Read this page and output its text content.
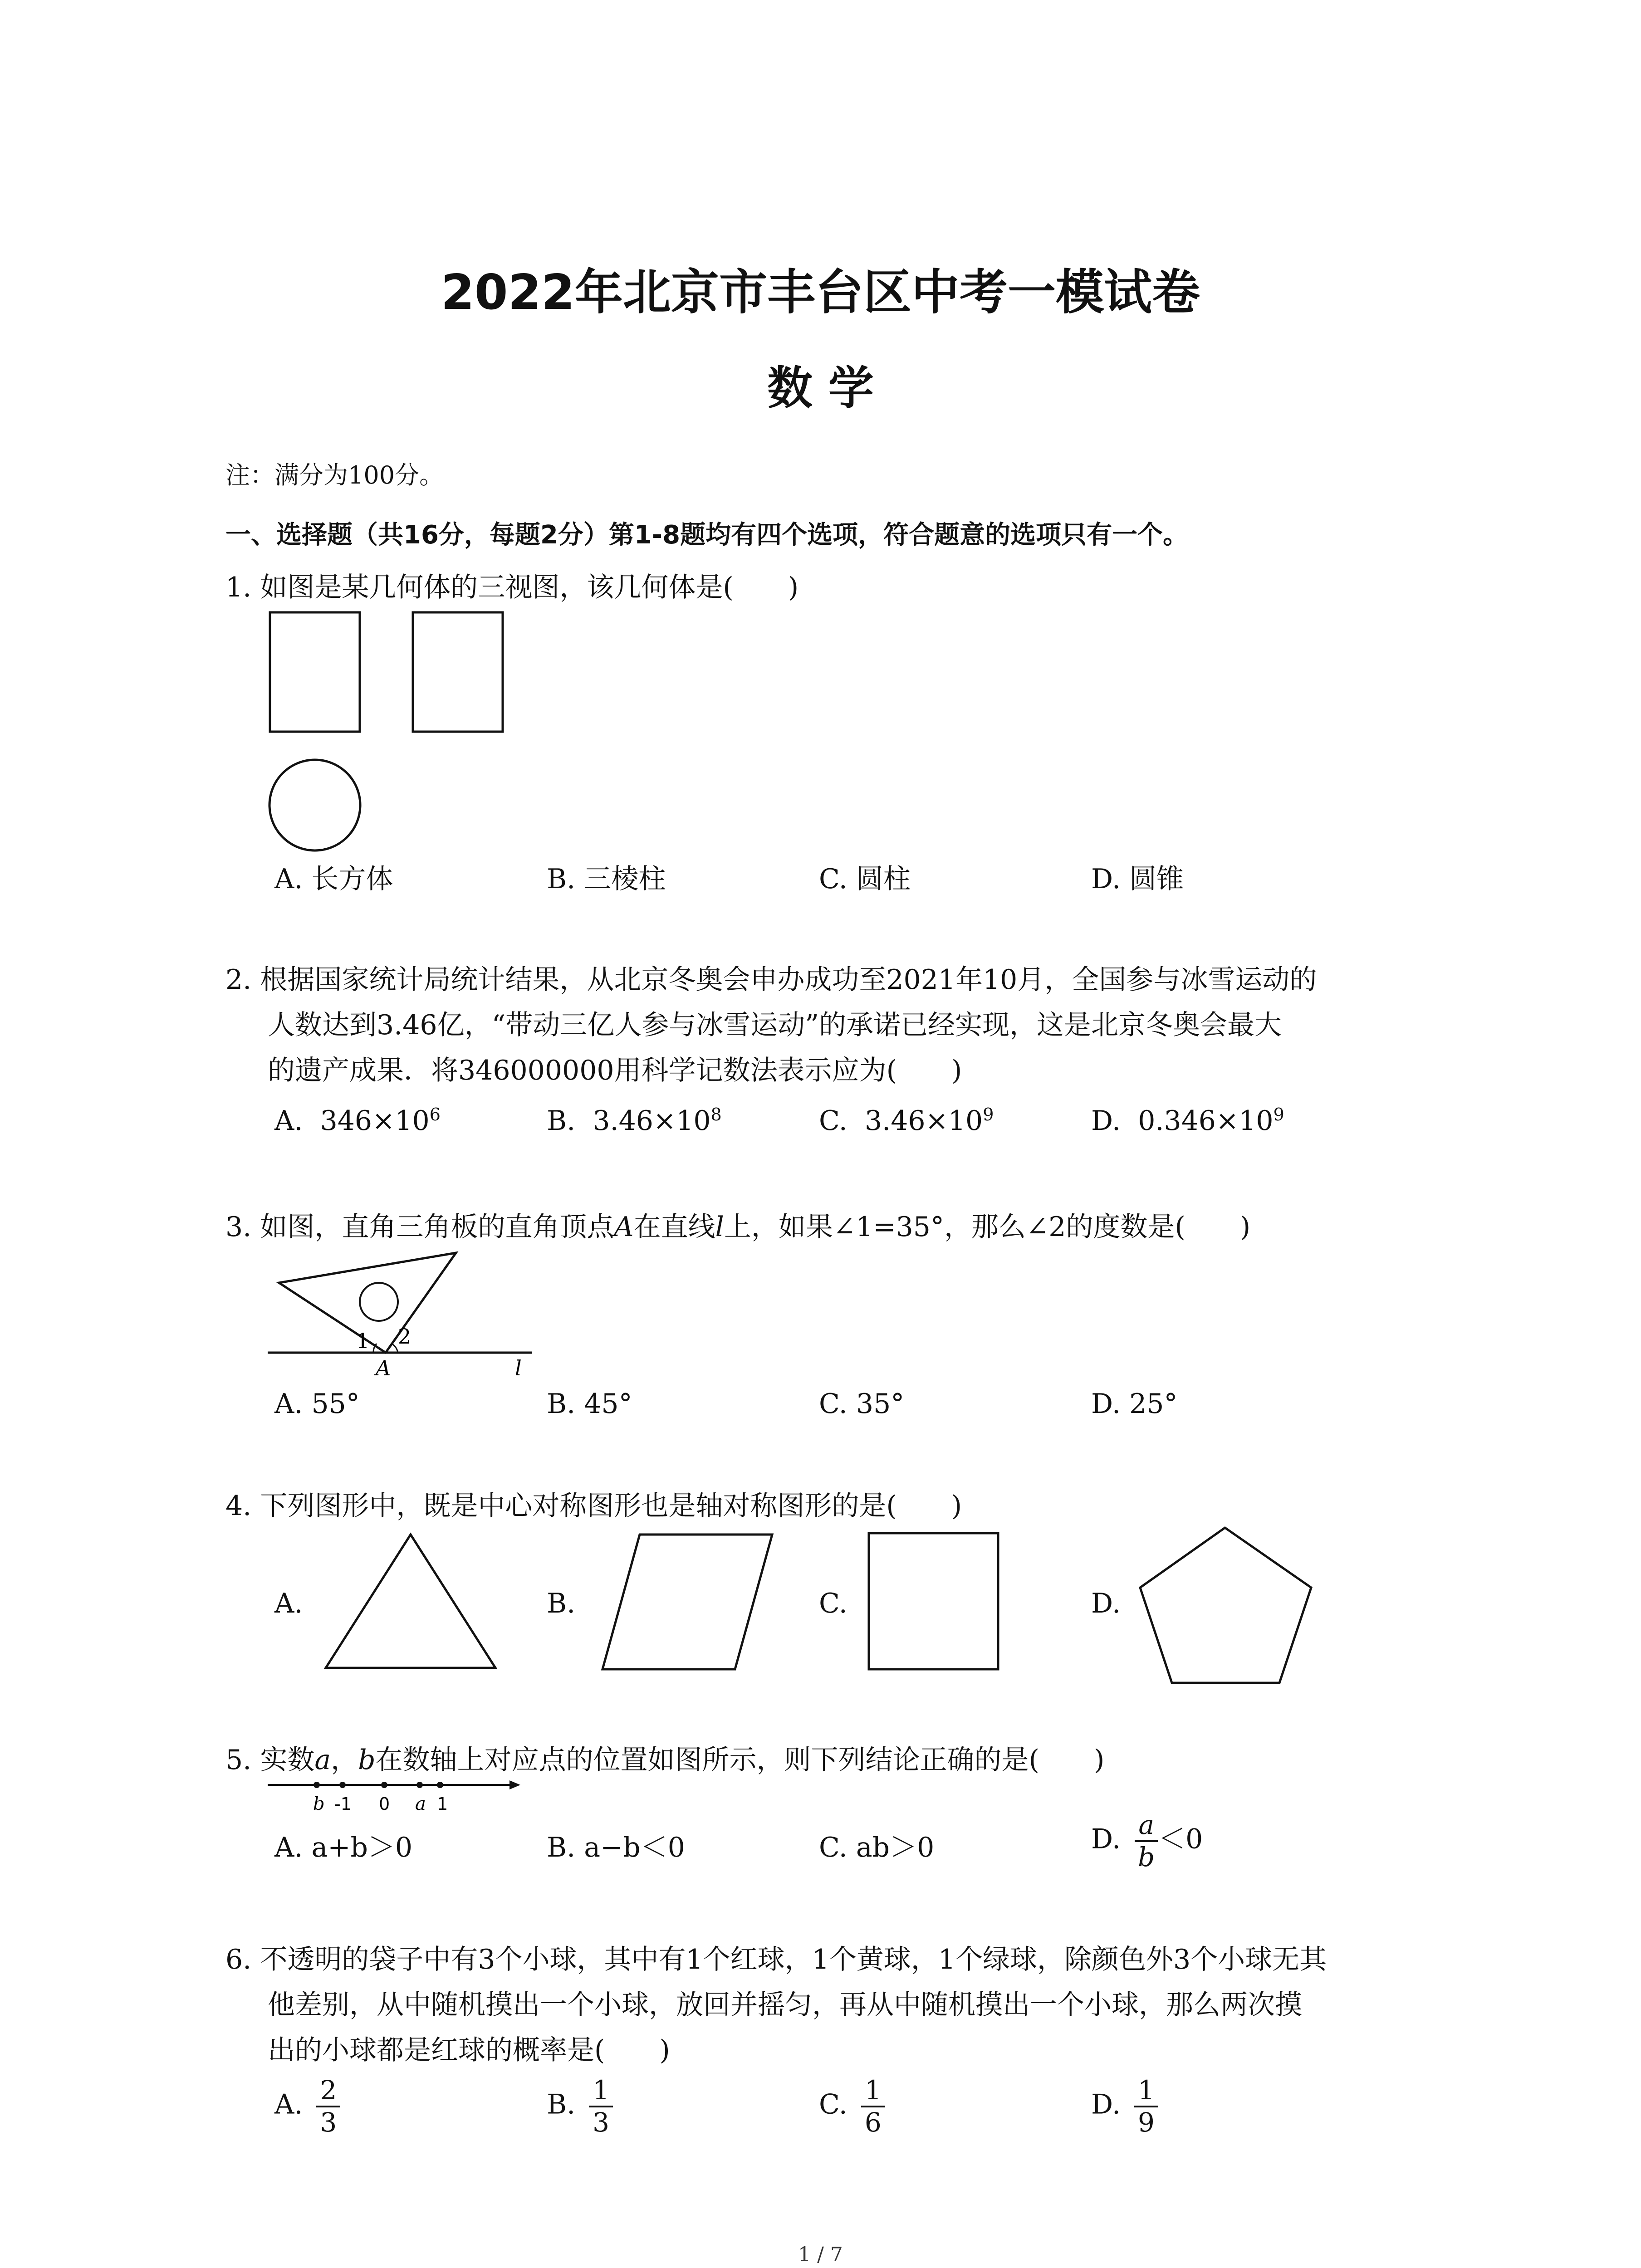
2022年北京市丰台区中考一模试卷
数 学
注：满分为100分。
一、选择题（共16分，每题2分）第1-8题均有四个选项，符合题意的选项只有一个。
1. 如图是某几何体的三视图，该几何体是(　　)
A. 长方体	B. 三棱柱	C. 圆柱	D. 圆锥
2. 根据国家统计局统计结果，从北京冬奥会申办成功至2021年10月，全国参与冰雪运动的
人数达到3.46亿，“带动三亿人参与冰雪运动”的承诺已经实现，这是北京冬奥会最大
的遗产成果．将346000000用科学记数法表示应为(　　)
A. $346\times 10^6$	B. $3.46\times 10^8$	C. $3.46\times 10^9$	D. $0.346\times 10^9$
3. 如图，直角三角板的直角顶点A在直线l上，如果∠1=35°，那么∠2的度数是(　　)
1 2
A	l
A. 55°	B. 45°	C. 35°	D. 25°
4. 下列图形中，既是中心对称图形也是轴对称图形的是(　　)
A.	B.	C.	D.
5. 实数a，b在数轴上对应点的位置如图所示，则下列结论正确的是(　　)
b -1 0 a 1
A. a+b＞0	B. a−b＜0	C. ab＞0	D. $\frac{a}{b} <0$
6. 不透明的袋子中有3个小球，其中有1个红球，1个黄球，1个绿球，除颜色外3个小球无其
他差别，从中随机摸出一个小球，放回并摇匀，再从中随机摸出一个小球，那么两次摸
出的小球都是红球的概率是(　　)
A. $\frac{2}{3}$	B. $\frac{1}{3}$	C. $\frac{1}{6}$	D. $\frac{1}{9}$
1 / 7
